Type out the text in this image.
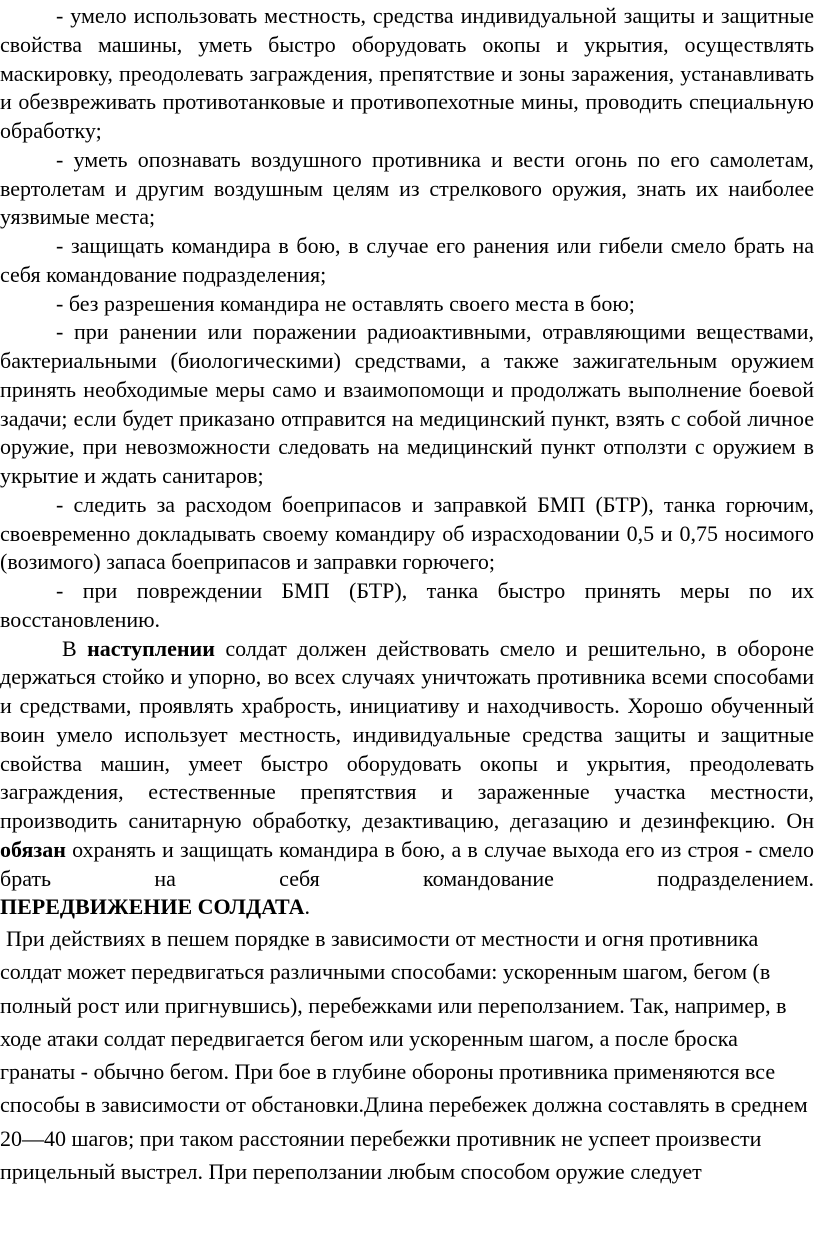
- умело использовать местность, средства индивидуальной защиты и защитные свойства машины, уметь быстро оборудовать окопы и укрытия, осуществлять маскировку, преодолевать заграждения, препятствие и зоны заражения, устанавливать и обезвреживать противотанковые и противопехотные мины, проводить специальную обработку;

- уметь опознавать воздушного противника и вести огонь по его самолетам, вертолетам и другим воздушным целям из стрелкового оружия, знать их наиболее уязвимые места;

- защищать командира в бою, в случае его ранения или гибели смело брать на себя командование подразделения;

- без разрешения командира не оставлять своего места в бою;

- при ранении или поражении радиоактивными, отравляющими веществами, бактериальными (биологическими) средствами, а также зажигательным оружием принять необходимые меры само и взаимопомощи и продолжать выполнение боевой задачи; если будет приказано отправится на медицинский пункт, взять с собой личное оружие, при невозможности следовать на медицинский пункт отползти с оружием в укрытие и ждать санитаров;

- следить за расходом боеприпасов и заправкой БМП (БТР), танка горючим, своевременно докладывать своему командиру об израсходовании 0,5 и 0,75 носимого (возимого) запаса боеприпасов и заправки горючего;

- при повреждении БМП (БТР), танка быстро принять меры по их восстановлению.

В наступлении солдат должен действовать смело и решительно, в обороне держаться стойко и упорно, во всех случаях уничтожать противника всеми способами и средствами, проявлять храбрость, инициативу и находчивость. Хорошо обученный воин умело использует местность, индивидуальные средства защиты и защитные свойства машин, умеет быстро оборудовать окопы и укрытия, преодолевать заграждения, естественные препятствия и зараженные участка местности, производить санитарную обработку, дезактивацию, дегазацию и дезинфекцию. Он обязан охранять и защищать командира в бою, а в случае выхода его из строя - смело брать на себя командование подразделением.

ПЕРЕДВИЖЕНИЕ СОЛДАТА.

При действиях в пешем порядке в зависимости от местности и огня противника солдат может передвигаться различными способами: ускоренным шагом, бегом (в полный рост или пригнувшись), перебежками или переползанием. Так, например, в ходе атаки солдат передвигается бегом или ускоренным шагом, а после броска гранаты - обычно бегом. При бое в глубине обороны противника применяются все способы в зависимости от обстановки.Длина перебежек должна составлять в среднем 20—40 шагов; при таком расстоянии перебежки противник не успеет произвести прицельный выстрел. При переползании любым способом оружие следует
